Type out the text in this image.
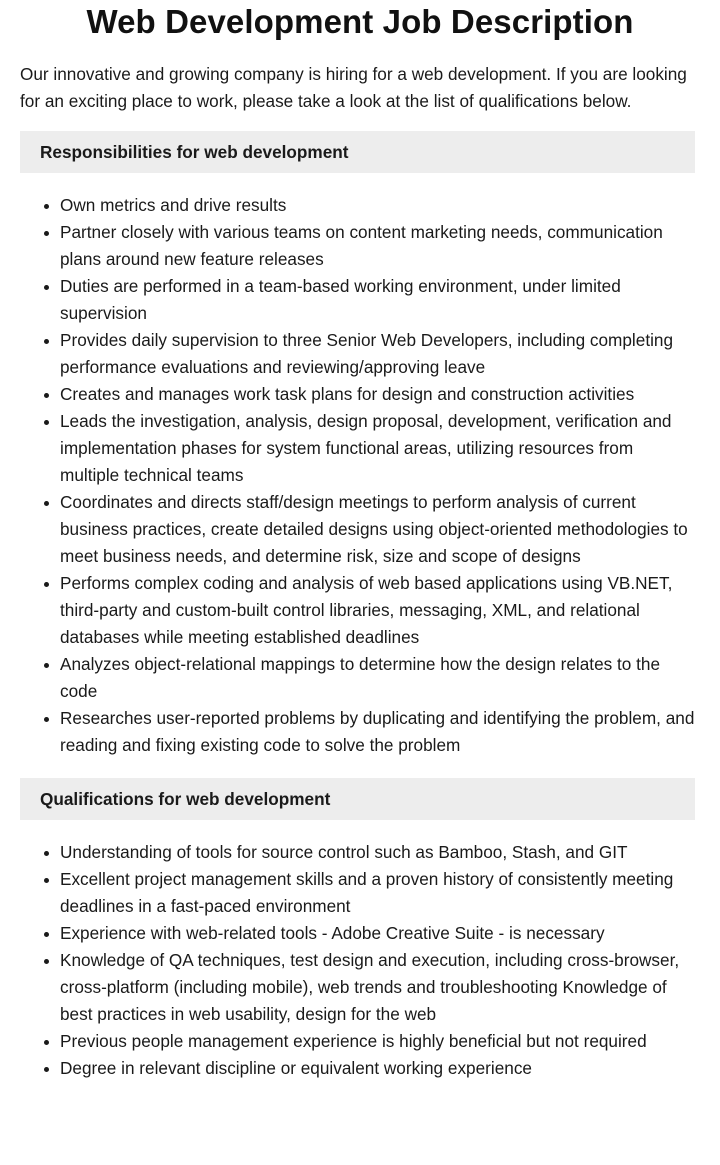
Web Development Job Description

Our innovative and growing company is hiring for a web development. If you are looking for an exciting place to work, please take a look at the list of qualifications below.

Responsibilities for web development
Own metrics and drive results
Partner closely with various teams on content marketing needs, communication plans around new feature releases
Duties are performed in a team-based working environment, under limited supervision
Provides daily supervision to three Senior Web Developers, including completing performance evaluations and reviewing/approving leave
Creates and manages work task plans for design and construction activities
Leads the investigation, analysis, design proposal, development, verification and implementation phases for system functional areas, utilizing resources from multiple technical teams
Coordinates and directs staff/design meetings to perform analysis of current business practices, create detailed designs using object-oriented methodologies to meet business needs, and determine risk, size and scope of designs
Performs complex coding and analysis of web based applications using VB.NET, third-party and custom-built control libraries, messaging, XML, and relational databases while meeting established deadlines
Analyzes object-relational mappings to determine how the design relates to the code
Researches user-reported problems by duplicating and identifying the problem, and reading and fixing existing code to solve the problem
Qualifications for web development
Understanding of tools for source control such as Bamboo, Stash, and GIT
Excellent project management skills and a proven history of consistently meeting deadlines in a fast-paced environment
Experience with web-related tools - Adobe Creative Suite - is necessary
Knowledge of QA techniques, test design and execution, including cross-browser, cross-platform (including mobile), web trends and troubleshooting Knowledge of best practices in web usability, design for the web
Previous people management experience is highly beneficial but not required
Degree in relevant discipline or equivalent working experience
